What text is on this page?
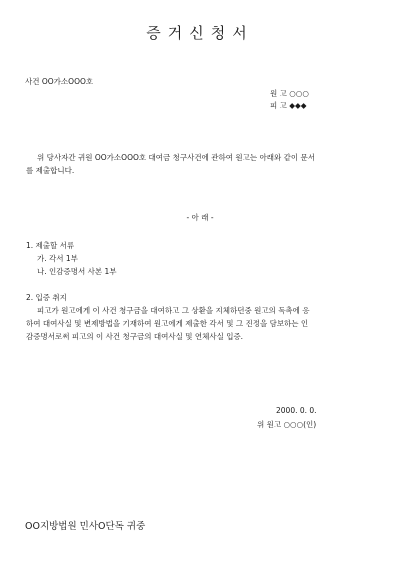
증거신청서
사건 OO가소OOO호
원 고 ○○○
피 고 ◆◆◆
위 당사자간 귀원 OO가소OOO호 대여금 청구사건에 관하여 원고는 아래와 같이 문서
를 제출합니다.
- 아 래 -
1. 제출할 서류
가. 각서 1부
나. 인감증명서 사본 1부
2. 입증 취지
피고가 원고에게 이 사건 청구금을 대여하고 그 상환을 지체하던중 원고의 독촉에 응
하여 대여사실 및 변제방법을 기재하여 원고에게 제출한 각서 및 그 진정을 담보하는 인
감증명서로써 피고의 이 사건 청구금의 대여사실 및 연체사실 입증.
2000. 0. 0.
위 원고 ○○○(인)
OO지방법원 민사O단독 귀중
